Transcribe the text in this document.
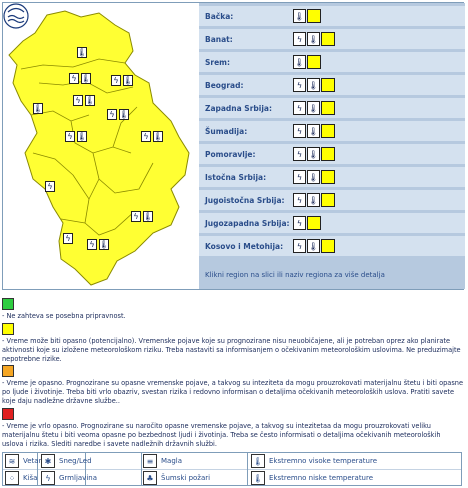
🌡
ϟ 🌡	ϟ 🌡
🌡
ϟ 🌡
ϟ 🌡
ϟ 🌡	ϟ 🌡
ϟ
ϟ 🌡
ϟ
ϟ 🌡
Bačka:	🌡
Banat:	ϟ 🌡
Srem:	🌡
Beograd:	ϟ 🌡
Zapadna Srbija:	ϟ 🌡
Šumadija:	ϟ 🌡
Pomoravlje:	ϟ 🌡
Istočna Srbija:	ϟ 🌡
Jugoistočna Srbija: ϟ 🌡
Jugozapadna Srbija: ϟ
Kosovo i Metohija: ϟ 🌡
Kliknі region na slici ili naziv regiona za više detalja

- Ne zahteva se posebna pripravnost.

- Vreme može biti opasno (potencijalno). Vremenske pojave koje su prognozirane nisu neuobičajene, ali je potreban oprez ako planirate aktivnosti koje su izložene meteorološkom riziku. Treba nastaviti sa informisanjem o očekivanim meteorološkim uslovima. Ne preduzimajte nepotrebne rizike.

- Vreme je opasno. Prognozirane su opasne vremenske pojave, a takvog su intezitetа da mogu prouzrokovati materijalnu štetu i biti opasne po ljude i životinje. Treba biti vrlo obazriv, svestan rizika i redovno informisan o detaljima očekivanih meteoroloških uslova. Pratiti savete koje daju nadležne državne službe..

- Vreme je vrlo opasno. Prognozirane su naročito opasne vremenske pojave, a takvog su intezitetaa da mogu prouzrokovati veliku materijalnu štetu i biti veoma opasne po bezbednost ljudi i životinja. Treba se često informisati o detaljima očekivanih meteoroloških uslova i rizika. Slediti naredbe i savete nadležnih državnih službi.

≋ Vetar ✱ Sneg/Led	≡ Magla	🌡 Ekstremno visoke temperature
⁘ Kiša ϟ Grmljavina	♣ Šumski požari	🌡 Ekstremno niske temperature
